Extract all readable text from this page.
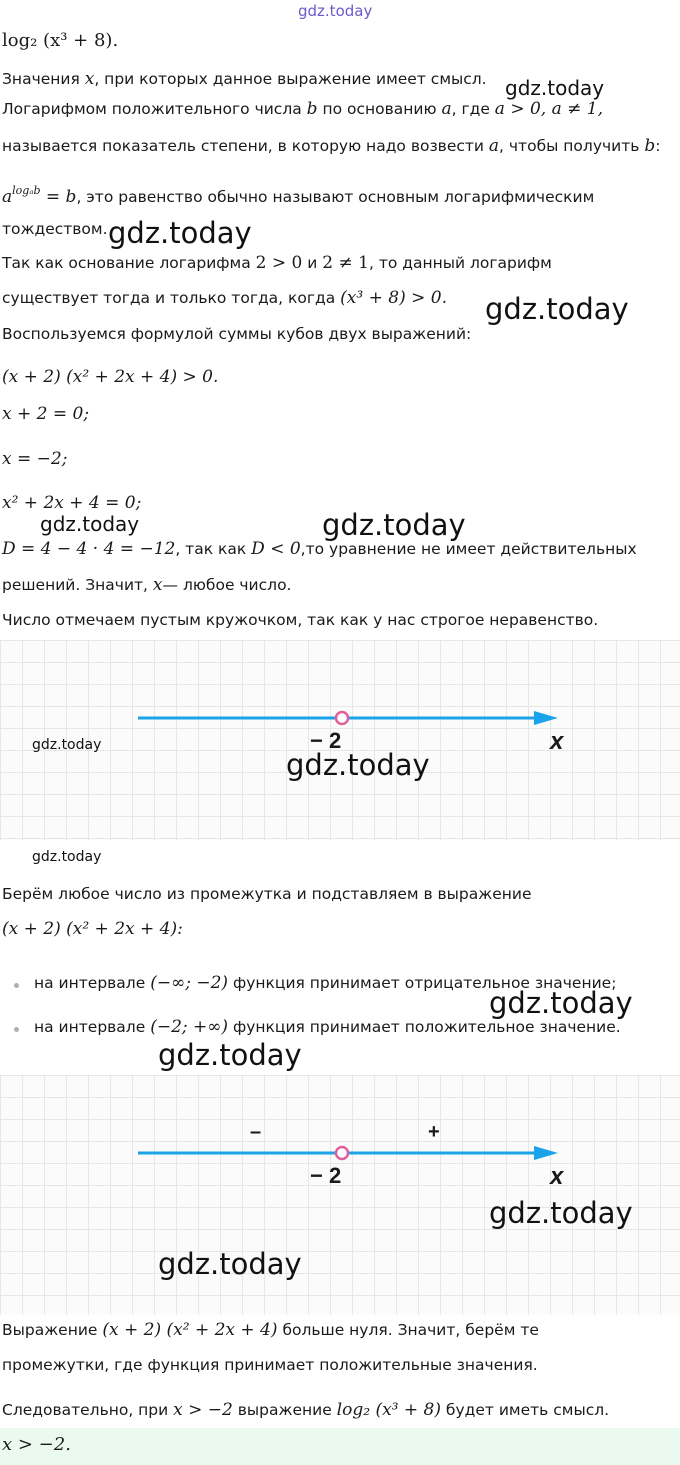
gdz.today
log₂ (x³ + 8).
Значения x, при которых данное выражение имеет смысл.
Логарифмом положительного числа b по основанию a, где a > 0, a ≠ 1,
называется показатель степени, в которую надо возвести a, чтобы получить b:
$a^{log_ab} = b$, это равенство обычно называют основным логарифмическим
тождеством.
Так как основание логарифма 2 > 0 и 2 ≠ 1, то данный логарифм
существует тогда и только тогда, когда (x³ + 8) > 0.
Воспользуемся формулой суммы кубов двух выражений:
(x + 2) (x² + 2x + 4) > 0.
x + 2 = 0;
x = −2;
x² + 2x + 4 = 0;
D = 4 − 4 · 4 = −12, так как D < 0,то уравнение не имеет действительных
решений. Значит, x— любое число.
Число отмечаем пустым кружочком, так как у нас строгое неравенство.
− 2	x
Берём любое число из промежутка и подставляем в выражение
(x + 2) (x² + 2x + 4):
на интервале (−∞; −2) функция принимает отрицательное значение;
на интервале (−2; +∞) функция принимает положительное значение.
–	+
− 2	x
Выражение (x + 2) (x² + 2x + 4) больше нуля. Значит, берём те
промежутки, где функция принимает положительные значения.
Следовательно, при x > −2 выражение log₂ (x³ + 8) будет иметь смысл.
x > −2.
gdz.today
gdz.today
gdz.today
gdz.today	gdz.today
gdz.today
gdz.today
gdz.today
gdz.today
gdz.today
gdz.today
gdz.today
